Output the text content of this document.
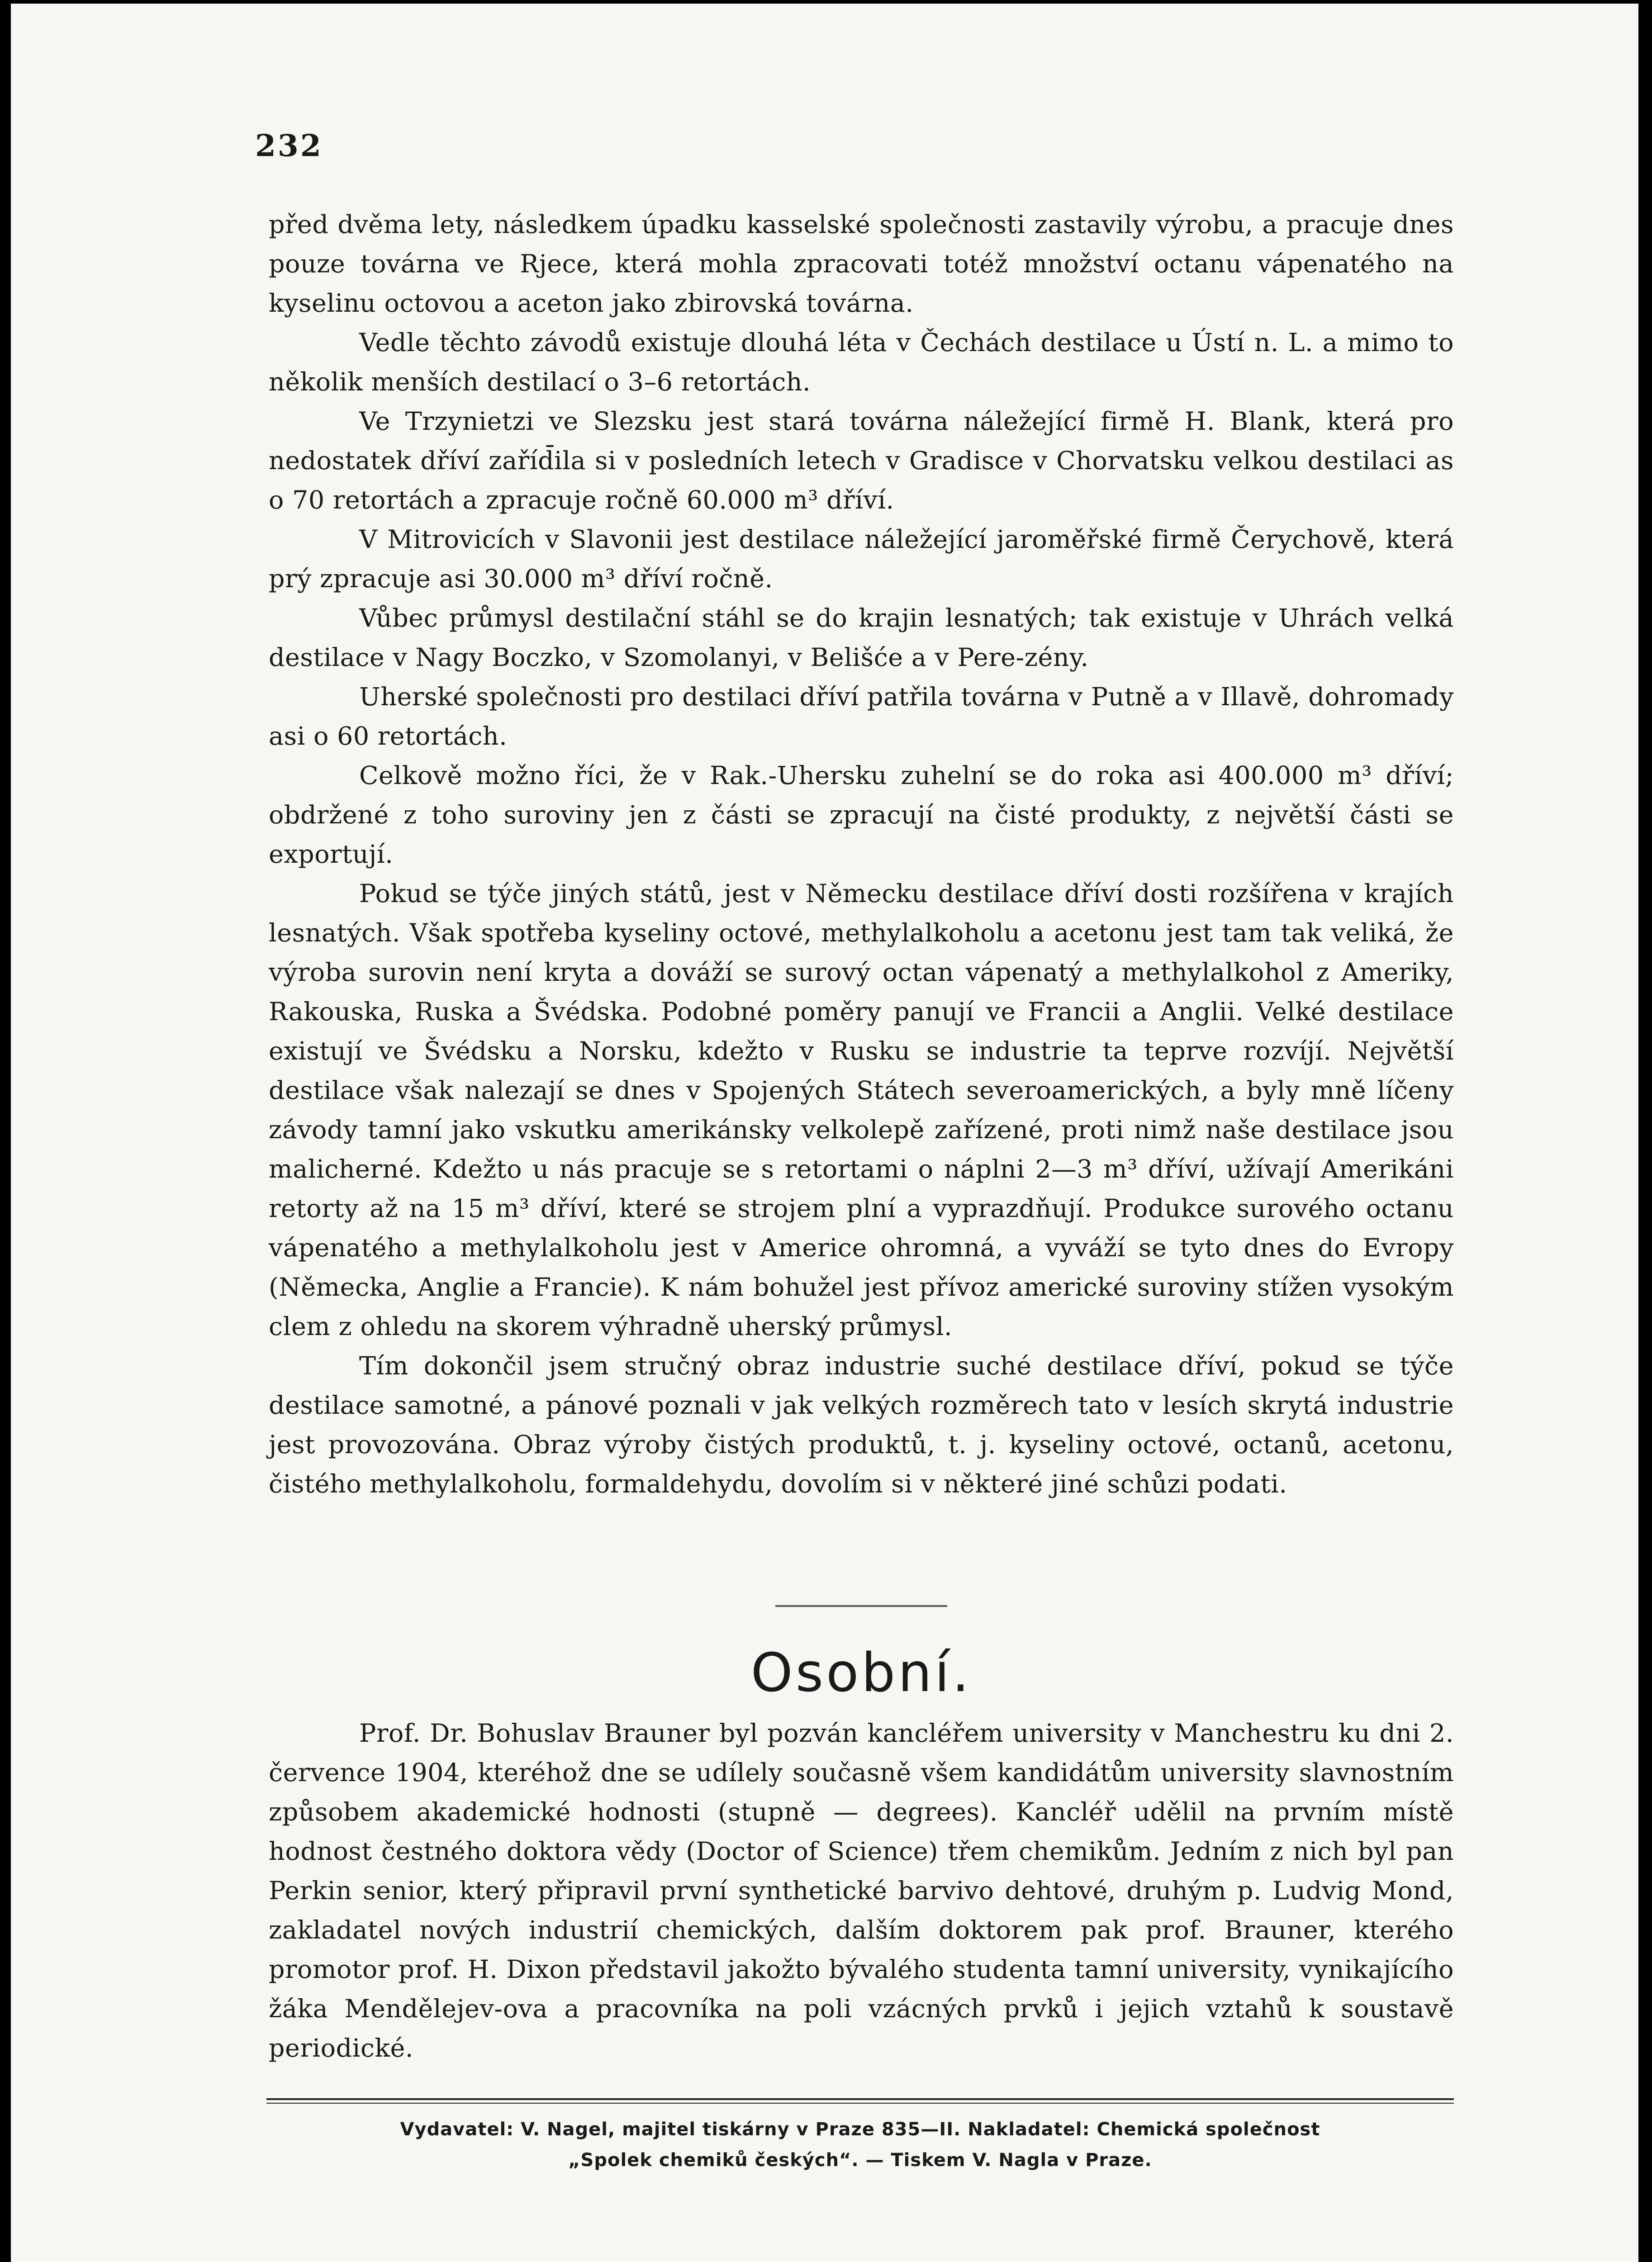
232

před dvěma lety, následkem úpadku kasselské společnosti zastavily výrobu, a pracuje dnes pouze továrna ve Rjece, která mohla zpracovati totéž množství octanu vápenatého na kyselinu octovou a aceton jako zbirovská továrna.

Vedle těchto závodů existuje dlouhá léta v Čechách destilace u Ústí n. L. a mimo to několik menších destilací o 3–6 retortách.

Ve Trzynietzi ve Slezsku jest stará továrna náležející firmě H. Blank, která pro nedostatek dříví zaříd̄ila si v posledních letech v Gradisce v Chorvatsku velkou destilaci as o 70 retortách a zpracuje ročně 60.000 m³ dříví.

V Mitrovicích v Slavonii jest destilace náležející jaroměřské firmě Čerychově, která prý zpracuje asi 30.000 m³ dříví ročně.

Vůbec průmysl destilační stáhl se do krajin lesnatých; tak existuje v Uhrách velká destilace v Nagy Boczko, v Szomolanyi, v Belišće a v Pere-zény.

Uherské společnosti pro destilaci dříví patřila továrna v Putně a v Illavě, dohromady asi o 60 retortách.

Celkově možno říci, že v Rak.-Uhersku zuhelní se do roka asi 400.000 m³ dříví; obdržené z toho suroviny jen z části se zpracují na čisté produkty, z největší části se exportují.

Pokud se týče jiných států, jest v Německu destilace dříví dosti rozšířena v krajích lesnatých. Však spotřeba kyseliny octové, methylalkoholu a acetonu jest tam tak veliká, že výroba surovin není kryta a dováží se surový octan vápenatý a methylalkohol z Ameriky, Rakouska, Ruska a Švédska. Podobné poměry panují ve Francii a Anglii. Velké destilace existují ve Švédsku a Norsku, kdežto v Rusku se industrie ta teprve rozvíjí. Největší destilace však nalezají se dnes v Spojených Státech severoamerických, a byly mně líčeny závody tamní jako vskutku amerikánsky velkolepě zařízené, proti nimž naše destilace jsou malicherné. Kdežto u nás pracuje se s retortami o náplni 2—3 m³ dříví, užívají Amerikáni retorty až na 15 m³ dříví, které se strojem plní a vyprazdňují. Produkce surového octanu vápenatého a methylalkoholu jest v Americe ohromná, a vyváží se tyto dnes do Evropy (Německa, Anglie a Francie). K nám bohužel jest přívoz americké suroviny stížen vysokým clem z ohledu na skorem výhradně uherský průmysl.

Tím dokončil jsem stručný obraz industrie suché destilace dříví, pokud se týče destilace samotné, a pánové poznali v jak velkých rozměrech tato v lesích skrytá industrie jest provozována. Obraz výroby čistých produktů, t. j. kyseliny octové, octanů, acetonu, čistého methylalkoholu, formaldehydu, dovolím si v některé jiné schůzi podati.

Osobní.

Prof. Dr. Bohuslav Brauner byl pozván kancléřem university v Manchestru ku dni 2. července 1904, kteréhož dne se udílely současně všem kandidátům university slavnostním způsobem akademické hodnosti (stupně — degrees). Kancléř udělil na prvním místě hodnost čestného doktora vědy (Doctor of Science) třem chemikům. Jedním z nich byl pan Perkin senior, který připravil první synthetické barvivo dehtové, druhým p. Ludvig Mond, zakladatel nových industrií chemických, dalším doktorem pak prof. Brauner, kterého promotor prof. H. Dixon představil jakožto bývalého studenta tamní university, vynikajícího žáka Mendělejev-ova a pracovníka na poli vzácných prvků i jejich vztahů k soustavě periodické.

Vydavatel: V. Nagel, majitel tiskárny v Praze 835—II. Nakladatel: Chemická společnost
„Spolek chemiků českých“. — Tiskem V. Nagla v Praze.
